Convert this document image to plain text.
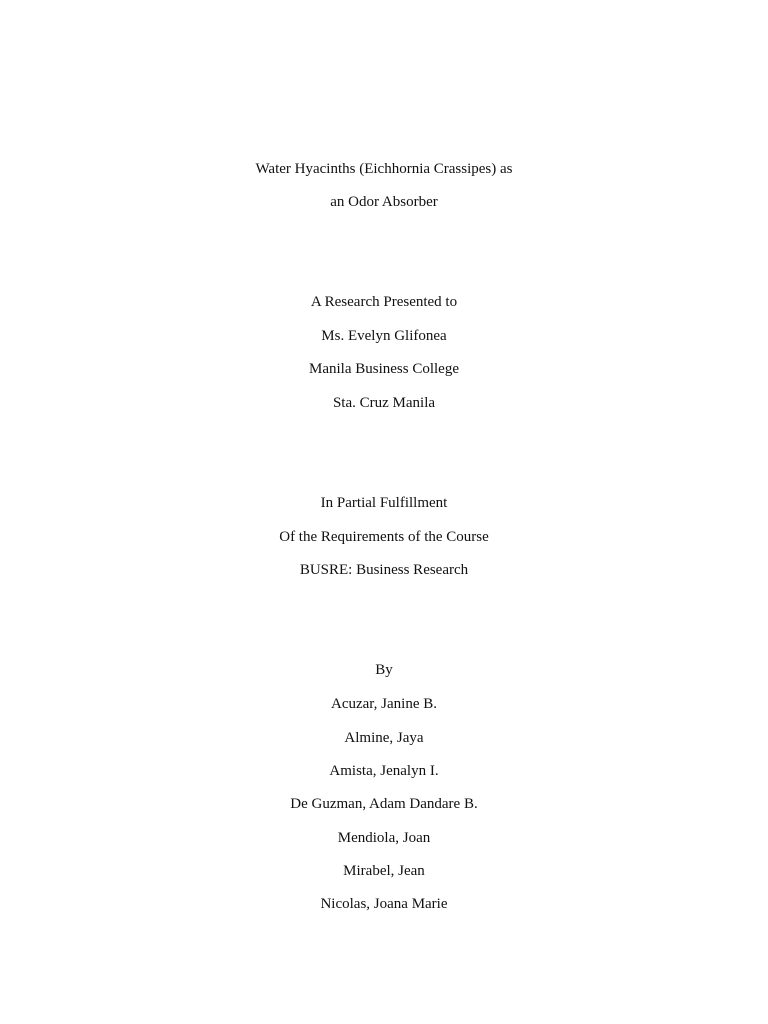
Water Hyacinths (Eichhornia Crassipes) as
an Odor Absorber
A Research Presented to
Ms. Evelyn Glifonea
Manila Business College
Sta. Cruz Manila
In Partial Fulfillment
Of the Requirements of the Course
BUSRE: Business Research
By
Acuzar, Janine B.
Almine, Jaya
Amista, Jenalyn I.
De Guzman, Adam Dandare B.
Mendiola, Joan
Mirabel, Jean
Nicolas, Joana Marie
